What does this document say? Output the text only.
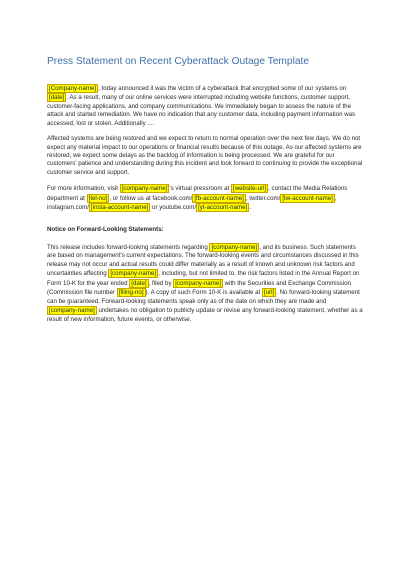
Press Statement on Recent Cyberattack Outage Template

[Company-name] , today announced it was the victim of a cyberattack that encrypted some of our systems on [date] . As a result, many of our online services were interrupted including website functions, customer support, customer-facing applications, and company communications. We immediately began to assess the nature of the attack and started remediation. We have no indication that any customer data, including payment information was accessed, lost or stolen. Additionally ....

Affected systems are being restored and we expect to return to normal operation over the next few days. We do not expect any material impact to our operations or financial results because of this outage. As our affected systems are restored, we expect some delays as the backlog of information is being processed. We are grateful for our customers' patience and understanding during this incident and look forward to continuing to provide the exceptional customer service and support.

For more information, visit [company-name] 's virtual pressroom at [website-url] , contact the Media Relations department at [tel-no] , or follow us at facebook.com/ [fb-account-name] , twitter.com/ [tw-account-name] , instagram.com/ [insta-account-name] or youtube.com/ [yt-account-name] .

Notice on Forward-Looking Statements:

This release includes forward-looking statements regarding [company-name] , and its business. Such statements are based on management's current expectations. The forward-looking events and circumstances discussed in this release may not occur and actual results could differ materially as a result of known and unknown risk factors and uncertainties affecting [company-name] , including, but not limited to, the risk factors listed in the Annual Report on Form 10-K for the year ended [date] , filed by [company-name] with the Securities and Exchange Commission (Commission file number [filing-no] ). A copy of such Form 10-K is available at [url] . No forward-looking statement can be guaranteed. Forward-looking statements speak only as of the date on which they are made and [company-name] undertakes no obligation to publicly update or revise any forward-looking statement, whether as a result of new information, future events, or otherwise.
